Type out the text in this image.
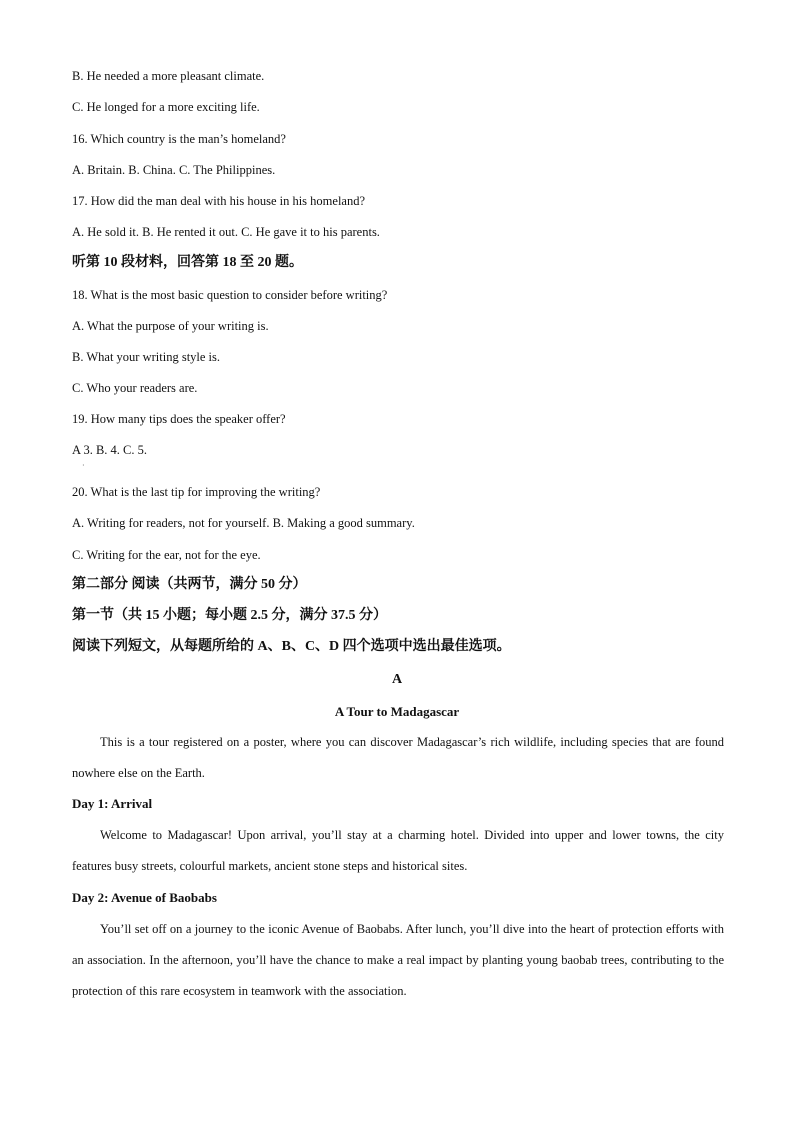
B. He needed a more pleasant climate.
C. He longed for a more exciting life.
16. Which country is the man’s homeland?
A. Britain. B. China. C. The Philippines.
17. How did the man deal with his house in his homeland?
A. He sold it. B. He rented it out. C. He gave it to his parents.
听第 10 段材料，回答第 18 至 20 题。
18. What is the most basic question to consider before writing?
A. What the purpose of your writing is.
B. What your writing style is.
C. Who your readers are.
19. How many tips does the speaker offer?
A 3. B. 4. C. 5.
·
20. What is the last tip for improving the writing?
A. Writing for readers, not for yourself. B. Making a good summary.
C. Writing for the ear, not for the eye.
第二部分 阅读（共两节，满分 50 分）
第一节（共 15 小题；每小题 2.5 分，满分 37.5 分）
阅读下列短文，从每题所给的 A、B、C、D 四个选项中选出最佳选项。
A
A Tour to Madagascar
This is a tour registered on a poster, where you can discover Madagascar’s rich wildlife, including species that are found nowhere else on the Earth.
Day 1: Arrival
Welcome to Madagascar! Upon arrival, you’ll stay at a charming hotel. Divided into upper and lower towns, the city features busy streets, colourful markets, ancient stone steps and historical sites.
Day 2: Avenue of Baobabs
You’ll set off on a journey to the iconic Avenue of Baobabs. After lunch, you’ll dive into the heart of protection efforts with an association. In the afternoon, you’ll have the chance to make a real impact by planting young baobab trees, contributing to the protection of this rare ecosystem in teamwork with the association.
